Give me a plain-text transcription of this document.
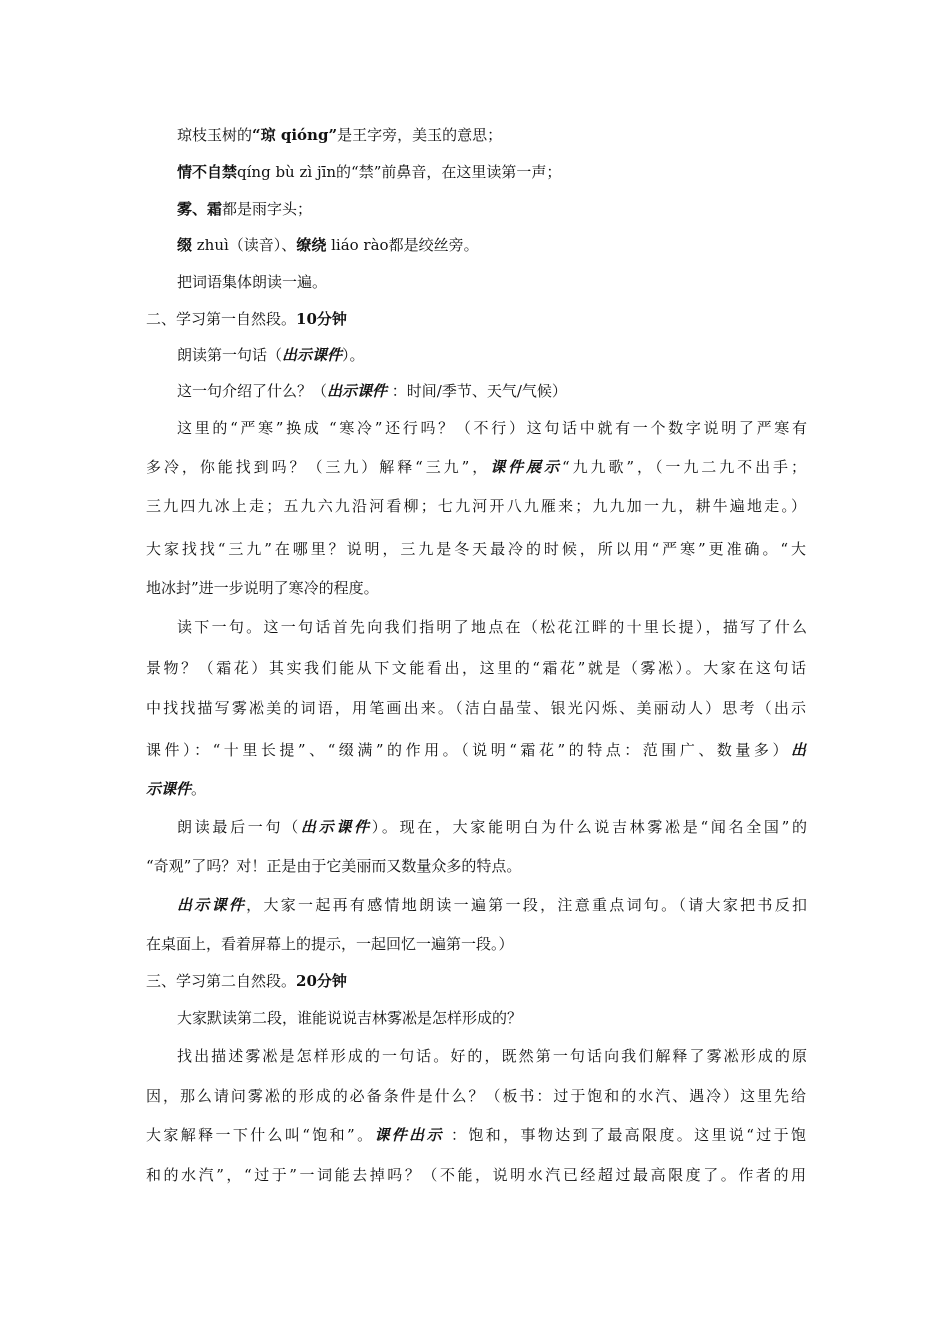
琼枝玉树的“琼 qióng”是王字旁，美玉的意思；
情不自禁qíng bù zì jīn的“禁”前鼻音，在这里读第一声；
雾、霜都是雨字头；
缀 zhuì（读音）、缭绕 liáo rào都是绞丝旁。
把词语集体朗读一遍。
二、学习第一自然段。10分钟
朗读第一句话（出示课件）。
这一句介绍了什么？（出示课件 ：时间/季节、天气/气候）
这里的“严寒”换成 “寒冷”还行吗？（不行）这句话中就有一个数字说明了严寒有
多冷，你能找到吗？（三九）解释“三九”，课件展示“九九歌”，（一九二九不出手；
三九四九冰上走；五九六九沿河看柳；七九河开八九雁来；九九加一九，耕牛遍地走。）
大家找找“三九”在哪里？说明，三九是冬天最冷的时候，所以用“严寒”更准确。“大
地冰封”进一步说明了寒冷的程度。
读下一句。这一句话首先向我们指明了地点在（松花江畔的十里长提），描写了什么
景物？（霜花）其实我们能从下文能看出，这里的“霜花”就是（雾凇）。大家在这句话
中找找描写雾凇美的词语，用笔画出来。（洁白晶莹、银光闪烁、美丽动人）思考（出示
课件）：“十里长提”、“缀满”的作用。（说明“霜花”的特点：范围广、数量多）出
示课件。
朗读最后一句（出示课件）。现在，大家能明白为什么说吉林雾凇是“闻名全国”的
“奇观”了吗？对！正是由于它美丽而又数量众多的特点。
出示课件，大家一起再有感情地朗读一遍第一段，注意重点词句。（请大家把书反扣
在桌面上，看着屏幕上的提示，一起回忆一遍第一段。）
三、学习第二自然段。20分钟
大家默读第二段，谁能说说吉林雾凇是怎样形成的？
找出描述雾凇是怎样形成的一句话。好的，既然第一句话向我们解释了雾凇形成的原
因，那么请问雾凇的形成的必备条件是什么？（板书：过于饱和的水汽、遇冷）这里先给
大家解释一下什么叫“饱和”。课件出示 ：饱和，事物达到了最高限度。这里说“过于饱
和的水汽”，“过于”一词能去掉吗？（不能，说明水汽已经超过最高限度了。作者的用
